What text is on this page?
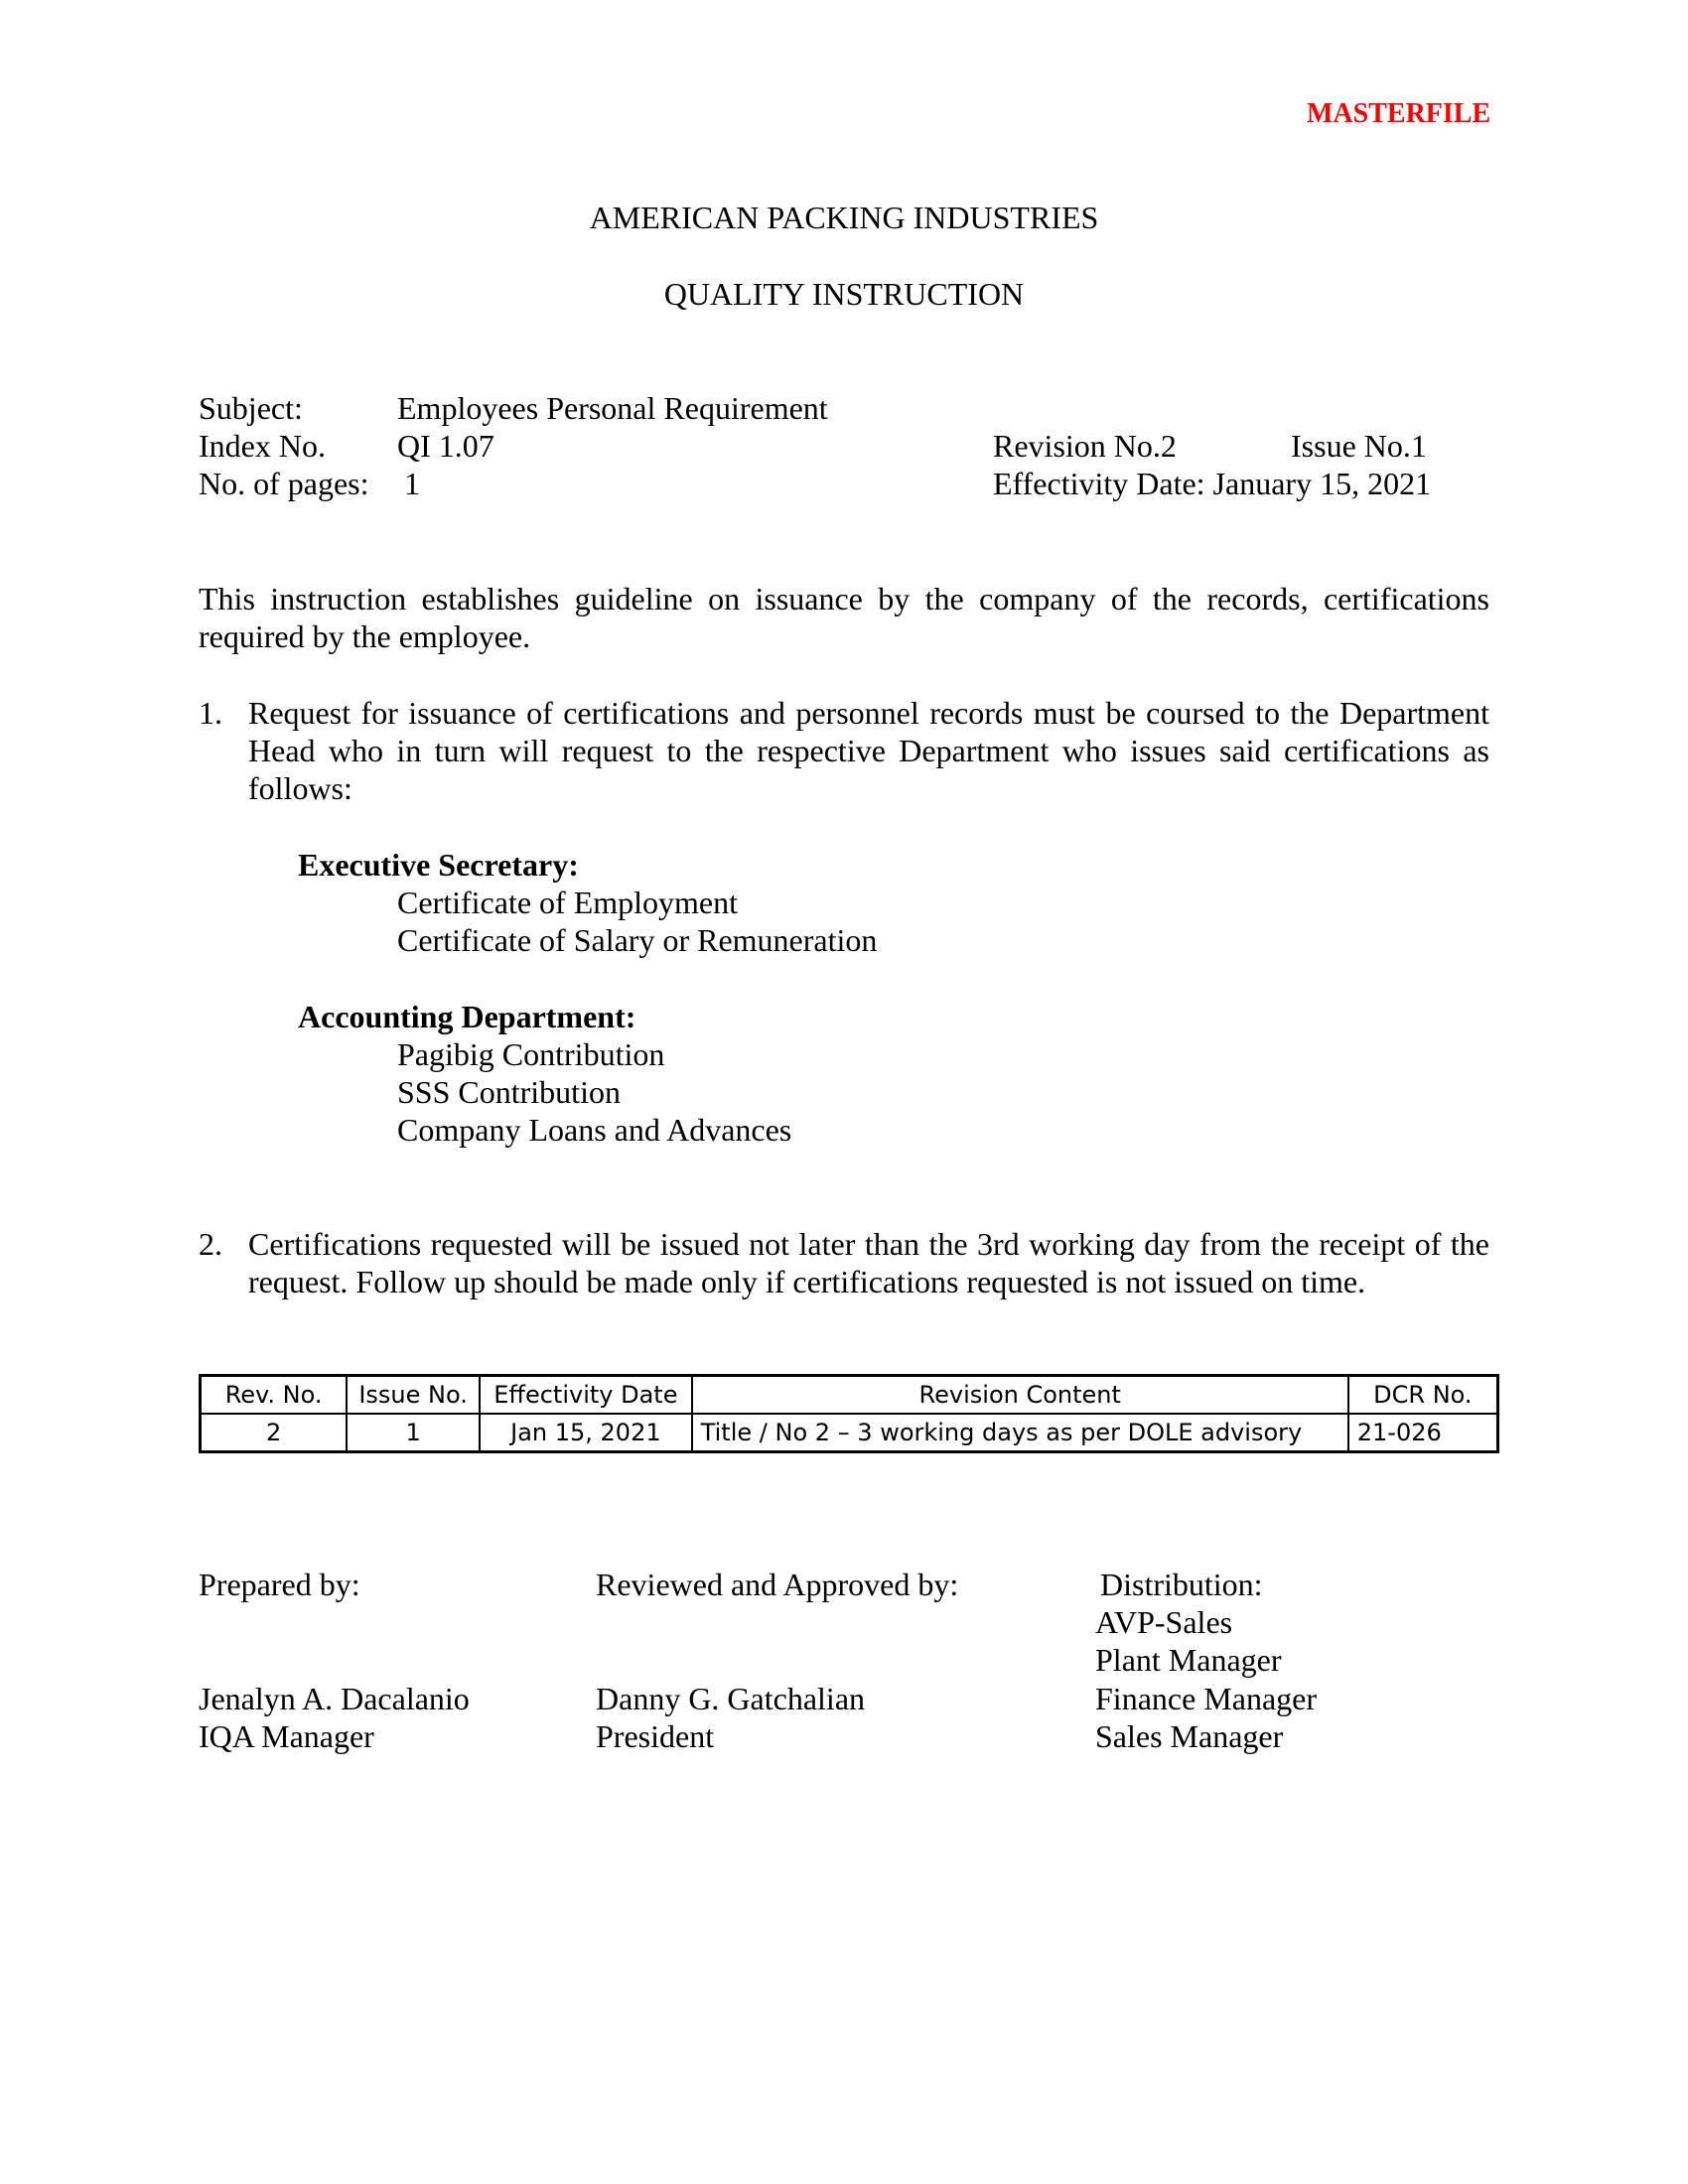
MASTERFILE
AMERICAN PACKING INDUSTRIES
QUALITY INSTRUCTION
Subject:	Employees Personal Requirement
Index No. QI 1.07	Revision No.2	Issue No.1
No. of pages: 1	Effectivity Date: January 15, 2021
This instruction establishes guideline on issuance by the company of the records, certifications required by the employee.
1. Request for issuance of certifications and personnel records must be coursed to the Department Head who in turn will request to the respective Department who issues said certifications as follows:
Executive Secretary:
Certificate of Employment
Certificate of Salary or Remuneration
Accounting Department:
Pagibig Contribution
SSS Contribution
Company Loans and Advances
2. Certifications requested will be issued not later than the 3rd working day from the receipt of the request. Follow up should be made only if certifications requested is not issued on time.
Rev. No.	Issue No.	Effectivity Date	Revision Content	DCR No.
2	1	Jan 15, 2021	Title / No 2 – 3 working days as per DOLE advisory	21-026
Prepared by:
Jenalyn A. Dacalanio
IQA Manager
Reviewed and Approved by:
Danny G. Gatchalian
President
Distribution:
AVP-Sales
Plant Manager
Finance Manager
Sales Manager
